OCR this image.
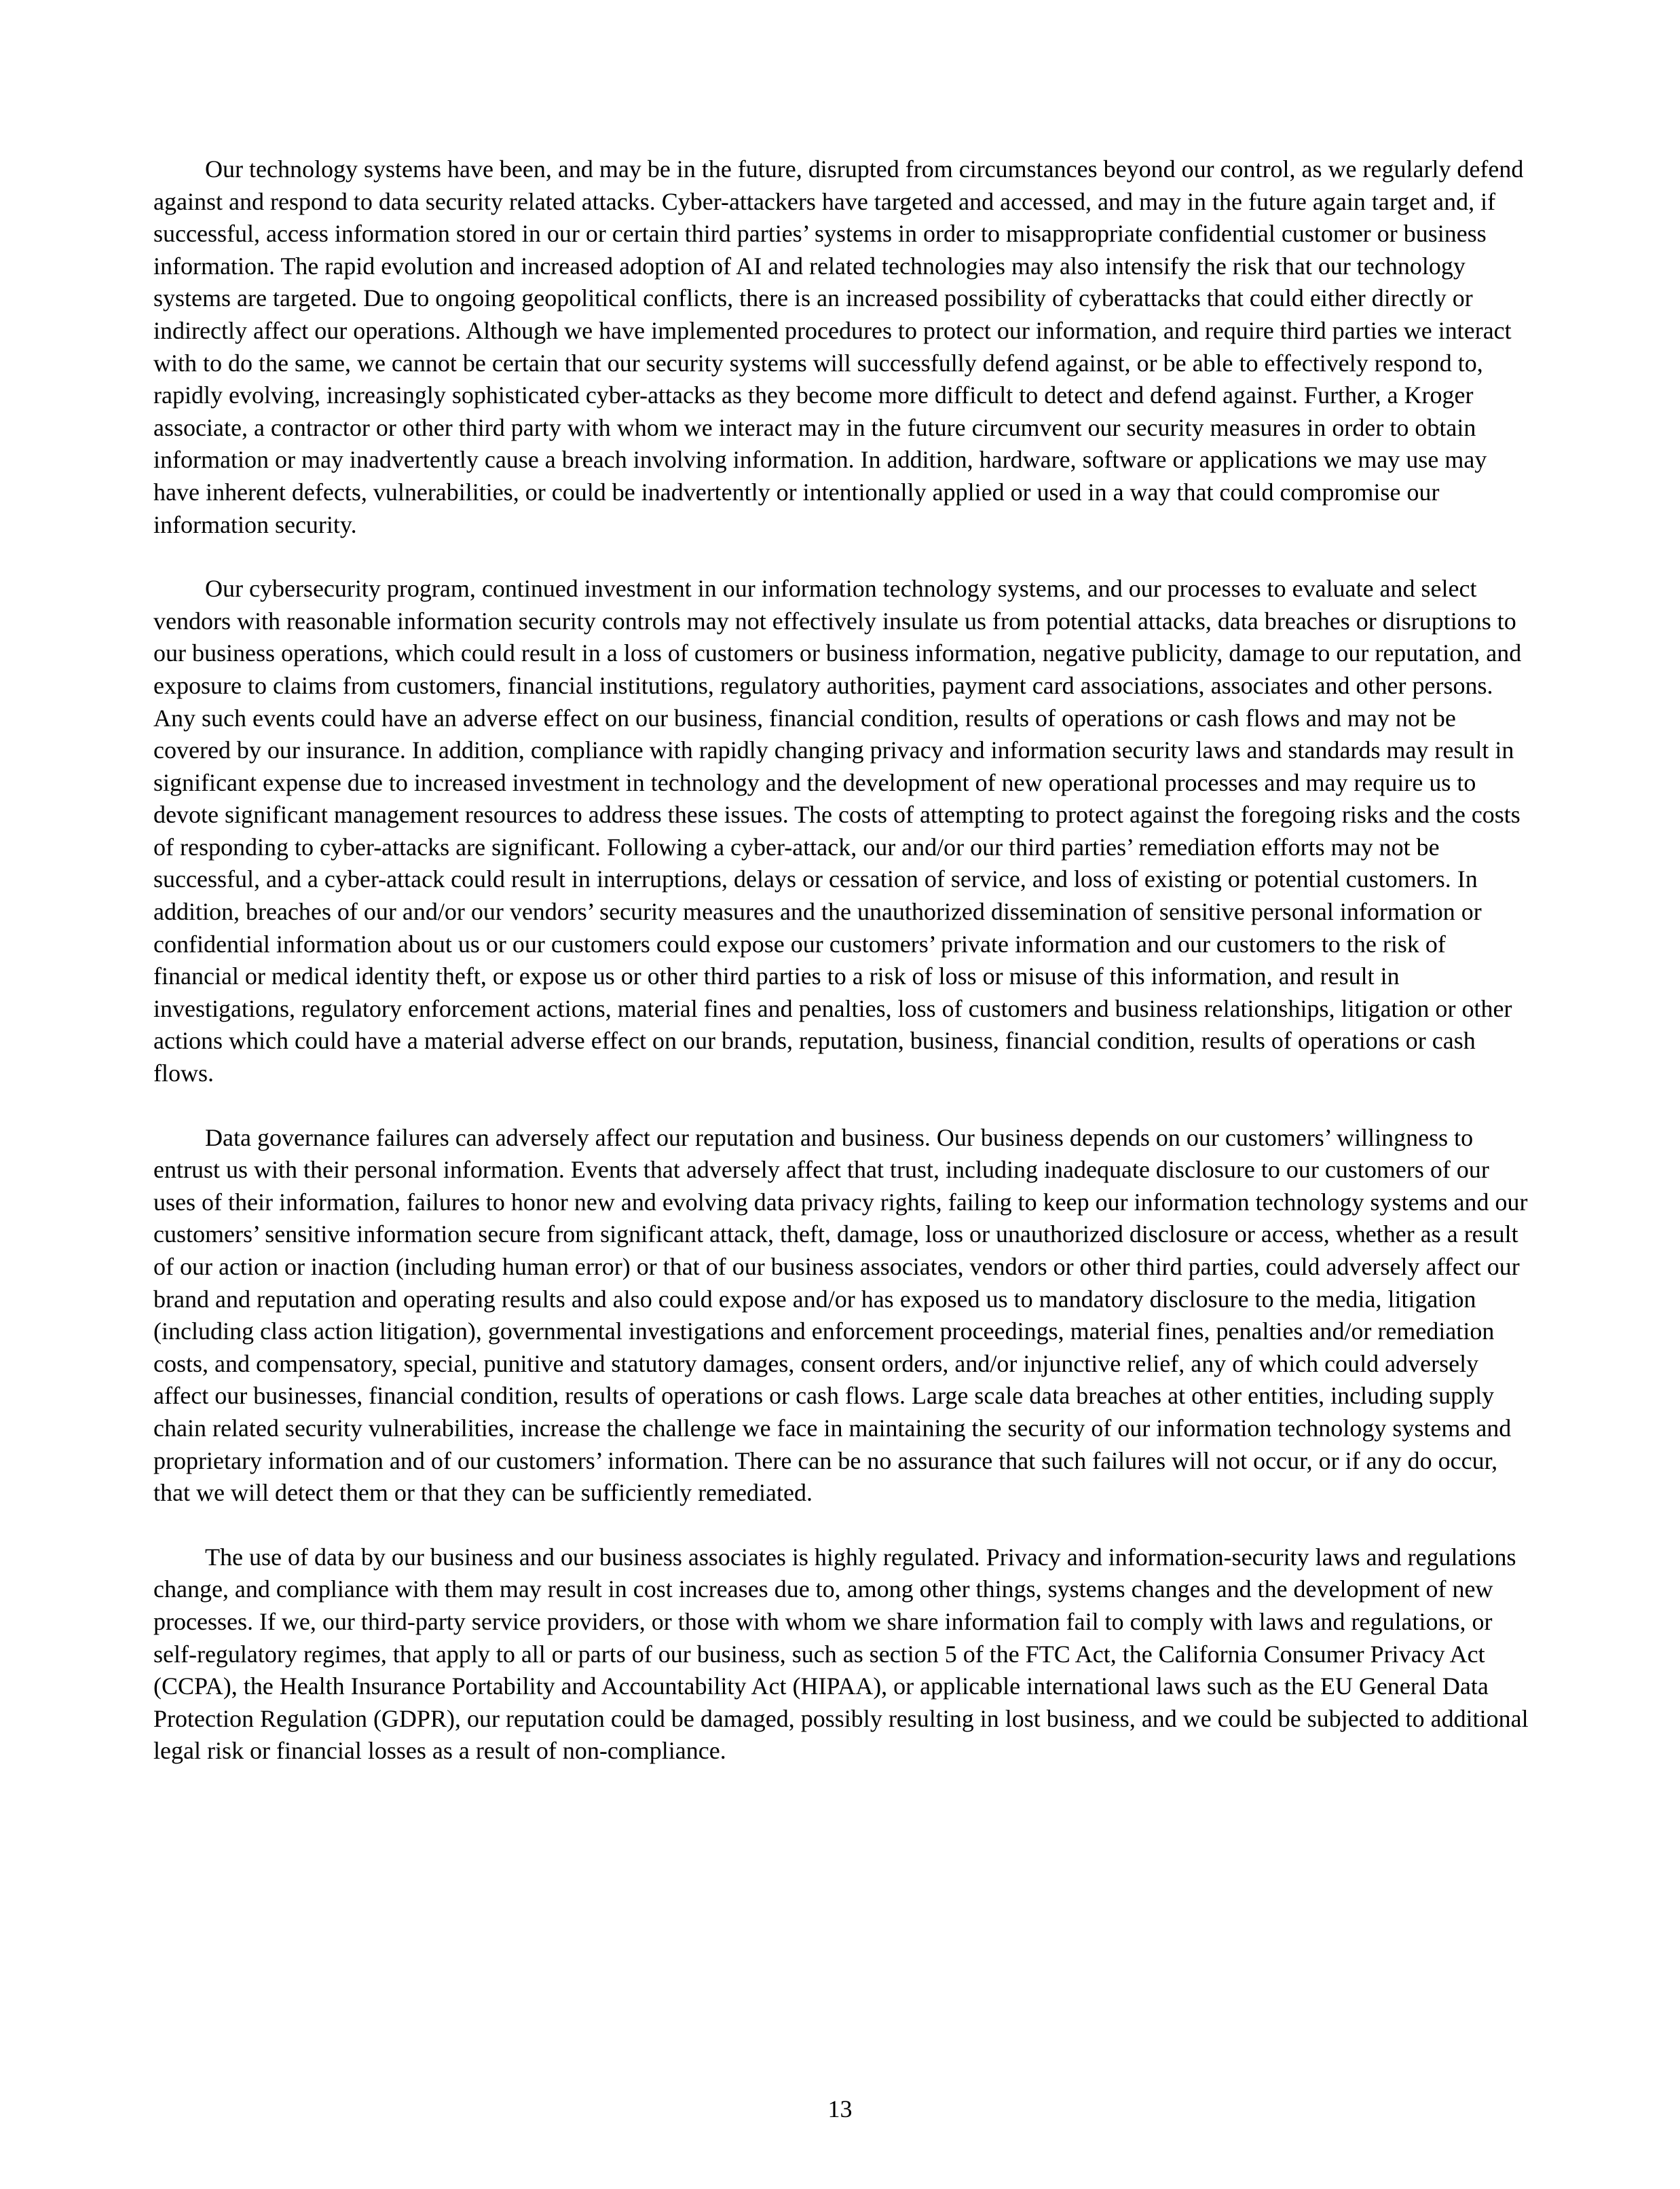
Our technology systems have been, and may be in the future, disrupted from circumstances beyond our control, as we regularly defend against and respond to data security related attacks. Cyber-attackers have targeted and accessed, and may in the future again target and, if successful, access information stored in our or certain third parties’ systems in order to misappropriate confidential customer or business information. The rapid evolution and increased adoption of AI and related technologies may also intensify the risk that our technology systems are targeted. Due to ongoing geopolitical conflicts, there is an increased possibility of cyberattacks that could either directly or indirectly affect our operations. Although we have implemented procedures to protect our information, and require third parties we interact with to do the same, we cannot be certain that our security systems will successfully defend against, or be able to effectively respond to, rapidly evolving, increasingly sophisticated cyber-attacks as they become more difficult to detect and defend against. Further, a Kroger associate, a contractor or other third party with whom we interact may in the future circumvent our security measures in order to obtain information or may inadvertently cause a breach involving information. In addition, hardware, software or applications we may use may have inherent defects, vulnerabilities, or could be inadvertently or intentionally applied or used in a way that could compromise our information security.

Our cybersecurity program, continued investment in our information technology systems, and our processes to evaluate and select vendors with reasonable information security controls may not effectively insulate us from potential attacks, data breaches or disruptions to our business operations, which could result in a loss of customers or business information, negative publicity, damage to our reputation, and exposure to claims from customers, financial institutions, regulatory authorities, payment card associations, associates and other persons. Any such events could have an adverse effect on our business, financial condition, results of operations or cash flows and may not be covered by our insurance. In addition, compliance with rapidly changing privacy and information security laws and standards may result in significant expense due to increased investment in technology and the development of new operational processes and may require us to devote significant management resources to address these issues. The costs of attempting to protect against the foregoing risks and the costs of responding to cyber-attacks are significant. Following a cyber-attack, our and/or our third parties’ remediation efforts may not be successful, and a cyber-attack could result in interruptions, delays or cessation of service, and loss of existing or potential customers. In addition, breaches of our and/or our vendors’ security measures and the unauthorized dissemination of sensitive personal information or confidential information about us or our customers could expose our customers’ private information and our customers to the risk of financial or medical identity theft, or expose us or other third parties to a risk of loss or misuse of this information, and result in investigations, regulatory enforcement actions, material fines and penalties, loss of customers and business relationships, litigation or other actions which could have a material adverse effect on our brands, reputation, business, financial condition, results of operations or cash flows.

Data governance failures can adversely affect our reputation and business. Our business depends on our customers’ willingness to entrust us with their personal information. Events that adversely affect that trust, including inadequate disclosure to our customers of our uses of their information, failures to honor new and evolving data privacy rights, failing to keep our information technology systems and our customers’ sensitive information secure from significant attack, theft, damage, loss or unauthorized disclosure or access, whether as a result of our action or inaction (including human error) or that of our business associates, vendors or other third parties, could adversely affect our brand and reputation and operating results and also could expose and/or has exposed us to mandatory disclosure to the media, litigation (including class action litigation), governmental investigations and enforcement proceedings, material fines, penalties and/or remediation costs, and compensatory, special, punitive and statutory damages, consent orders, and/or injunctive relief, any of which could adversely affect our businesses, financial condition, results of operations or cash flows. Large scale data breaches at other entities, including supply chain related security vulnerabilities, increase the challenge we face in maintaining the security of our information technology systems and proprietary information and of our customers’ information. There can be no assurance that such failures will not occur, or if any do occur, that we will detect them or that they can be sufficiently remediated.

The use of data by our business and our business associates is highly regulated. Privacy and information-security laws and regulations change, and compliance with them may result in cost increases due to, among other things, systems changes and the development of new processes. If we, our third-party service providers, or those with whom we share information fail to comply with laws and regulations, or self-regulatory regimes, that apply to all or parts of our business, such as section 5 of the FTC Act, the California Consumer Privacy Act (CCPA), the Health Insurance Portability and Accountability Act (HIPAA), or applicable international laws such as the EU General Data Protection Regulation (GDPR), our reputation could be damaged, possibly resulting in lost business, and we could be subjected to additional legal risk or financial losses as a result of non-compliance.

13
